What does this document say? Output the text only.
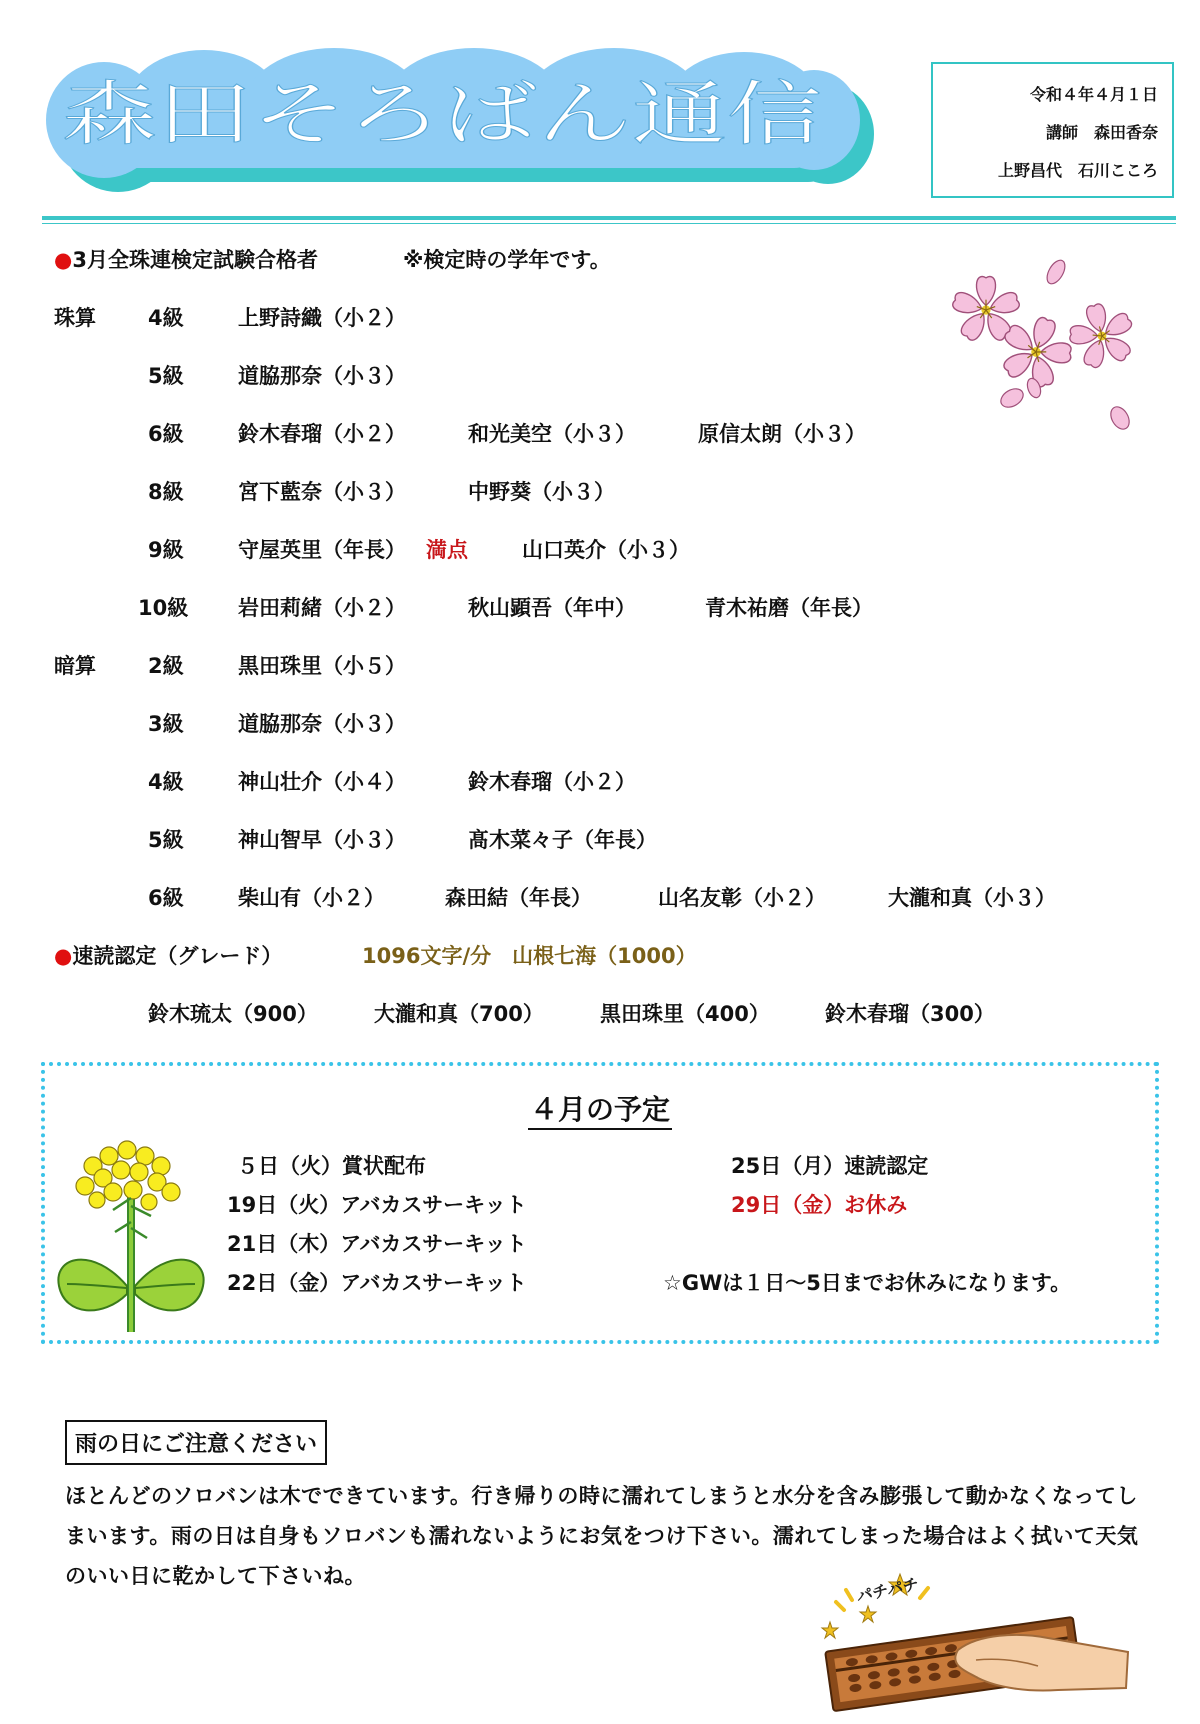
森田そろばん通信	令和４年４月１日
講師　森田香奈
上野昌代　石川こころ
●3月全珠連検定試験合格者	※検定時の学年です。
珠算 4級	上野詩織（小２）
5級	道脇那奈（小３）
6級	鈴木春瑠（小２）	和光美空（小３）	原信太朗（小３）
8級	宮下藍奈（小３）	中野葵（小３）
9級	守屋英里（年長） 満点	山口英介（小３）
10級 岩田莉緒（小２）	秋山顕吾（年中）	青木祐磨（年長）
暗算 2級	黒田珠里（小５）
3級	道脇那奈（小３）
4級	神山壮介（小４）	鈴木春瑠（小２）
5級	神山智早（小３）	髙木菜々子（年長）
6級	柴山有（小２）	森田結（年長）	山名友彰（小２）	大瀧和真（小３）
●速読認定（グレード）	1096文字/分　山根七海（1000）
鈴木琉太（900）	大瀧和真（700）	黒田珠里（400）	鈴木春瑠（300）
４月の予定
５日（火）賞状配布
19日（火）アバカスサーキット
21日（木）アバカスサーキット
22日（金）アバカスサーキット
25日（月）速読認定
29日（金）お休み
☆GWは１日～5日までお休みになります。
雨の日にご注意ください
ほとんどのソロバンは木でできています。行き帰りの時に濡れてしまうと水分を含み膨張して動かなくなってしまいます。雨の日は自身もソロバンも濡れないようにお気をつけ下さい。濡れてしまった場合はよく拭いて天気のいい日に乾かして下さいね。	パチパチ
